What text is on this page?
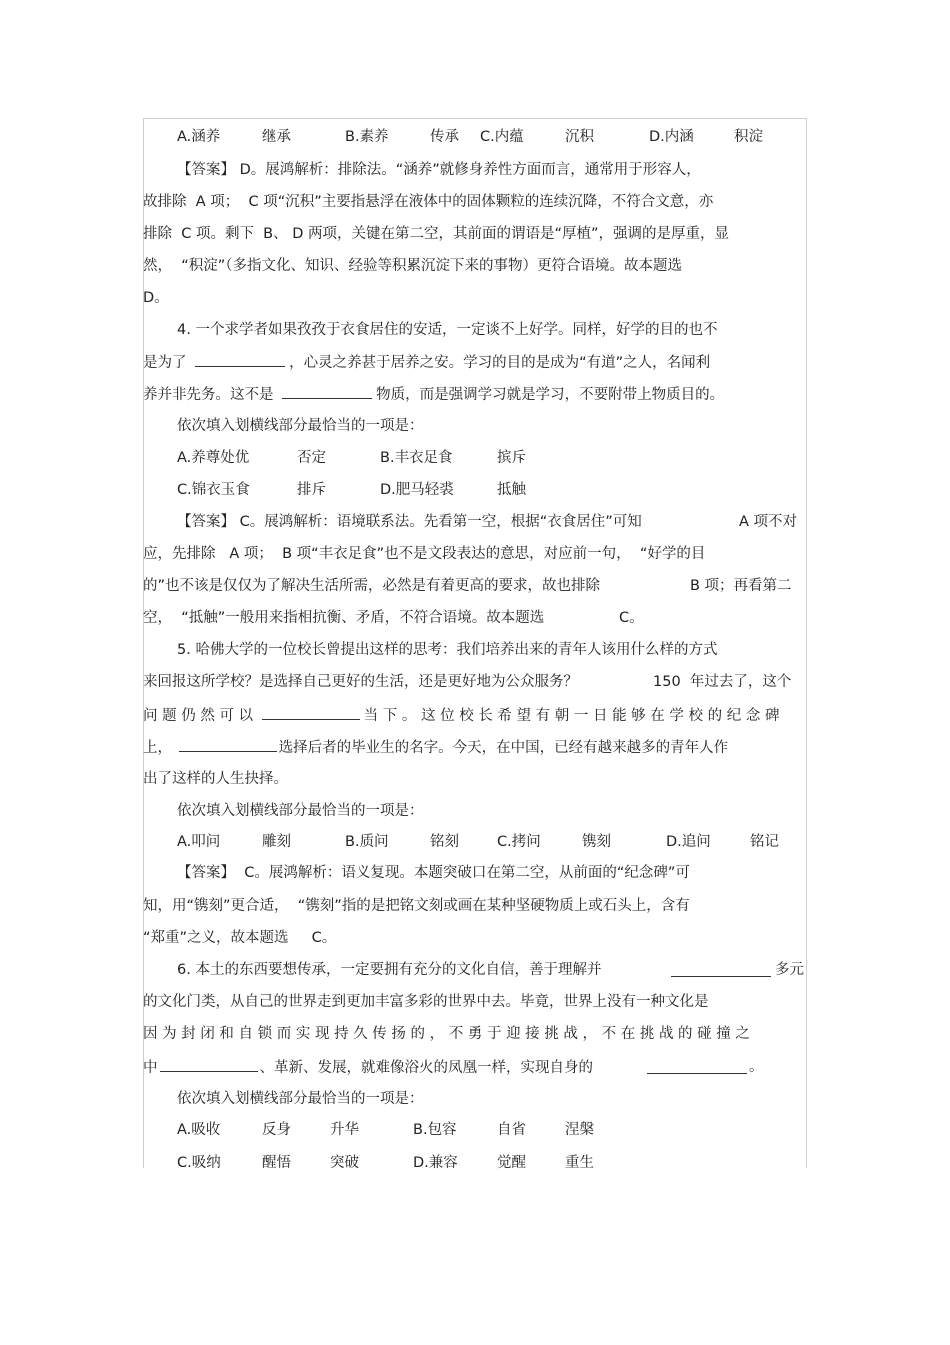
A.涵养	继承	B.素养	传承 C.内蕴	沉积	D.内涵	积淀
【答案】 D。展鸿解析：排除法。“涵养”就修身养性方面而言，通常用于形容人，
故排除  A 项；  C 项“沉积”主要指悬浮在液体中的固体颗粒的连续沉降，不符合文意，亦
排除  C 项。剩下  B、 D 两项，关键在第二空，其前面的谓语是“厚植”，强调的是厚重，显
然，  “积淀”（多指文化、知识、经验等积累沉淀下来的事物）更符合语境。故本题选
D。
4. 一个求学者如果孜孜于衣食居住的安适，一定谈不上好学。同样，好学的目的也不
是为了	，心灵之养甚于居养之安。学习的目的是成为“有道”之人，名闻利
养并非先务。这不是	物质，而是强调学习就是学习，不要附带上物质目的。
依次填入划横线部分最恰当的一项是：
A.养尊处优	否定	B.丰衣足食	摈斥
C.锦衣玉食	排斥	D.肥马轻裘	抵触
【答案】 C。展鸿解析：语境联系法。先看第一空，根据“衣食居住”可知	A 项不对
应，先排除   A 项；  B 项“丰衣足食”也不是文段表达的意思，对应前一句，  “好学的目
的”也不该是仅仅为了解决生活所需，必然是有着更高的要求，故也排除	B 项；再看第二
空，  “抵触”一般用来指相抗衡、矛盾，不符合语境。故本题选	C。
5. 哈佛大学的一位校长曾提出这样的思考：我们培养出来的青年人该用什么样的方式
来回报这所学校？是选择自己更好的生活，还是更好地为公众服务？	150  年过去了，这个
问 题 仍 然 可 以	当 下 。 这 位 校 长 希 望 有 朝 一 日 能 够 在 学 校 的 纪 念 碑
上，	选择后者的毕业生的名字。今天，在中国，已经有越来越多的青年人作
出了这样的人生抉择。
依次填入划横线部分最恰当的一项是：
A.叩问	雕刻	B.质问	铭刻	C.拷问	镌刻	D.追问	铭记
【答案】  C。展鸿解析：语义复现。本题突破口在第二空，从前面的“纪念碑”可
知，用“镌刻”更合适，  “镌刻”指的是把铭文刻或画在某种坚硬物质上或石头上，含有
“郑重”之义，故本题选     C。
6. 本土的东西要想传承，一定要拥有充分的文化自信，善于理解并	多元
的文化门类，从自己的世界走到更加丰富多彩的世界中去。毕竟，世界上没有一种文化是
因 为 封 闭 和 自 锁 而 实 现 持 久 传 扬 的 ， 不 勇 于 迎 接 挑 战 ， 不 在 挑 战 的 碰 撞 之
中	、革新、发展，就难像浴火的凤凰一样，实现自身的	。
依次填入划横线部分最恰当的一项是：
A.吸收	反身	升华	B.包容	自省	涅槃
C.吸纳	醒悟	突破	D.兼容	觉醒	重生
